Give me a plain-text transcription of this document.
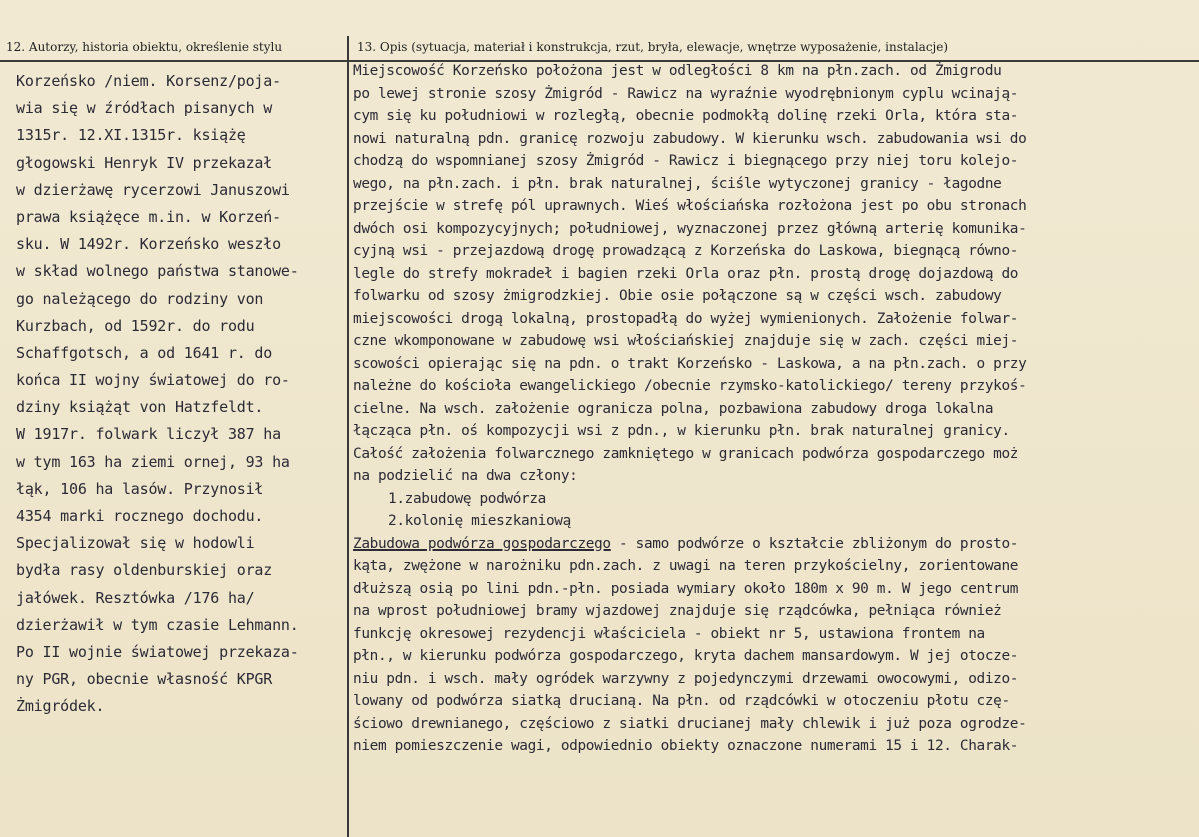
12. Autorzy, historia obiektu, określenie stylu	13. Opis (sytuacja, materiał i konstrukcja, rzut, bryła, elewacje, wnętrze wyposażenie, instalacje)
Korzeńsko /niem. Korsenz/poja-
wia się w źródłach pisanych w
1315r. 12.XI.1315r. książę
głogowski Henryk IV przekazał
w dzierżawę rycerzowi Januszowi
prawa książęce m.in. w Korzeń-
sku. W 1492r. Korzeńsko weszło
w skład wolnego państwa stanowe-
go należącego do rodziny von
Kurzbach, od 1592r. do rodu
Schaffgotsch, a od 1641 r. do
końca II wojny światowej do ro-
dziny książąt von Hatzfeldt.
W 1917r. folwark liczył 387 ha
w tym 163 ha ziemi ornej, 93 ha
łąk, 106 ha lasów. Przynosił
4354 marki rocznego dochodu.
Specjalizował się w hodowli
bydła rasy oldenburskiej oraz
jałówek. Resztówka /176 ha/
dzierżawił w tym czasie Lehmann.
Po II wojnie światowej przekaza-
ny PGR, obecnie własność KPGR
Żmigródek.
Miejscowość Korzeńsko położona jest w odległości 8 km na płn.zach. od Żmigrodu
po lewej stronie szosy Żmigród - Rawicz na wyraźnie wyodrębnionym cyplu wcinają-
cym się ku południowi w rozległą, obecnie podmokłą dolinę rzeki Orla, która sta-
nowi naturalną pdn. granicę rozwoju zabudowy. W kierunku wsch. zabudowania wsi do
chodzą do wspomnianej szosy Żmigród - Rawicz i biegnącego przy niej toru kolejo-
wego, na płn.zach. i płn. brak naturalnej, ściśle wytyczonej granicy - łagodne
przejście w strefę pól uprawnych. Wieś włościańska rozłożona jest po obu stronach
dwóch osi kompozycyjnych; południowej, wyznaczonej przez główną arterię komunika-
cyjną wsi - przejazdową drogę prowadzącą z Korzeńska do Laskowa, biegnącą równo-
legle do strefy mokradeł i bagien rzeki Orla oraz płn. prostą drogę dojazdową do
folwarku od szosy żmigrodzkiej. Obie osie połączone są w części wsch. zabudowy
miejscowości drogą lokalną, prostopadłą do wyżej wymienionych. Założenie folwar-
czne wkomponowane w zabudowę wsi włościańskiej znajduje się w zach. części miej-
scowości opierając się na pdn. o trakt Korzeńsko - Laskowa, a na płn.zach. o przy
należne do kościoła ewangelickiego /obecnie rzymsko-katolickiego/ tereny przykoś-
cielne. Na wsch. założenie ogranicza polna, pozbawiona zabudowy droga lokalna
łącząca płn. oś kompozycji wsi z pdn., w kierunku płn. brak naturalnej granicy.
Całość założenia folwarcznego zamkniętego w granicach podwórza gospodarczego moż
na podzielić na dwa człony:
1.zabudowę podwórza
2.kolonię mieszkaniową
Zabudowa podwórza gospodarczego - samo podwórze o kształcie zbliżonym do prosto-
kąta, zwężone w narożniku pdn.zach. z uwagi na teren przykościelny, zorientowane
dłuższą osią po lini pdn.-płn. posiada wymiary około 180m x 90 m. W jego centrum
na wprost południowej bramy wjazdowej znajduje się rządcówka, pełniąca również
funkcję okresowej rezydencji właściciela - obiekt nr 5, ustawiona frontem na
płn., w kierunku podwórza gospodarczego, kryta dachem mansardowym. W jej otocze-
niu pdn. i wsch. mały ogródek warzywny z pojedynczymi drzewami owocowymi, odizo-
lowany od podwórza siatką drucianą. Na płn. od rządcówki w otoczeniu płotu czę-
ściowo drewnianego, częściowo z siatki drucianej mały chlewik i już poza ogrodze-
niem pomieszczenie wagi, odpowiednio obiekty oznaczone numerami 15 i 12. Charak-
